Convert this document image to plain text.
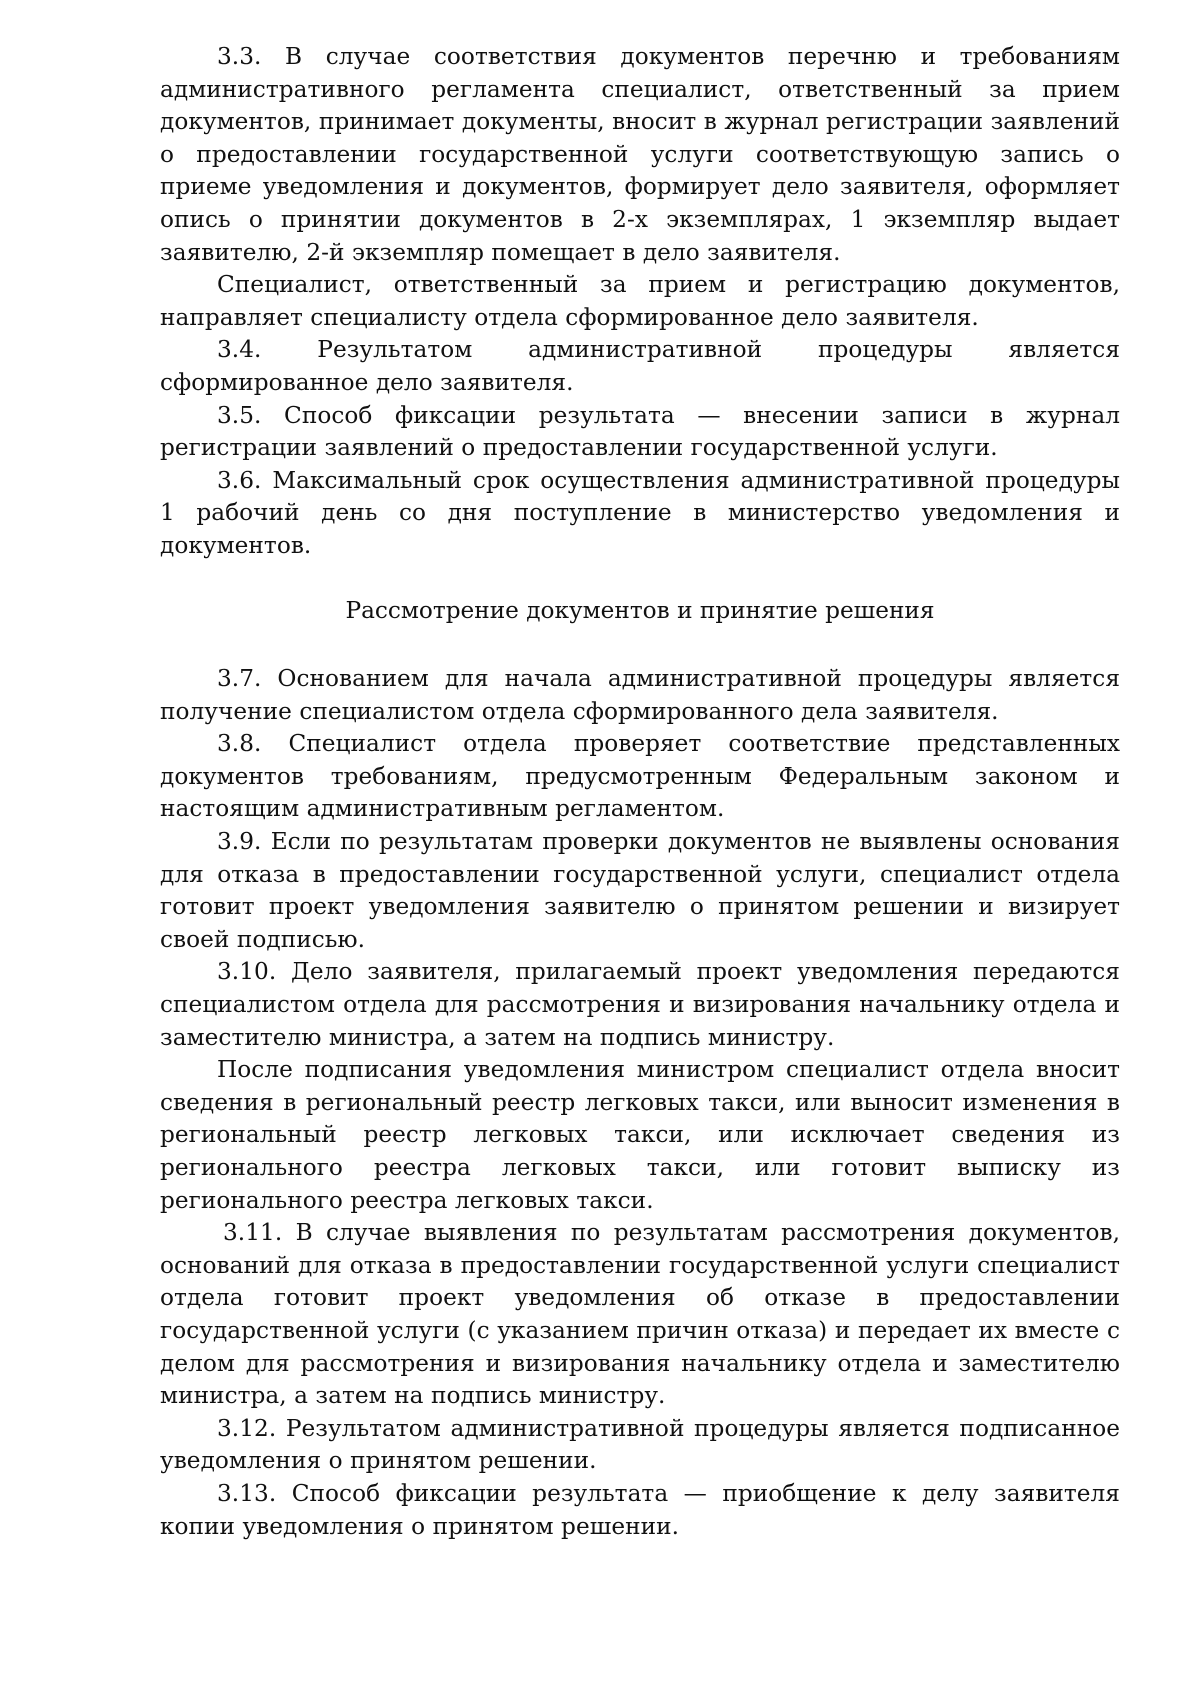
3.3. В случае соответствия документов перечню и требованиям административного регламента специалист, ответственный за прием документов, принимает документы, вносит в журнал регистрации заявлений о предоставлении государственной услуги соответствующую запись о приеме уведомления и документов, формирует дело заявителя, оформляет опись о принятии документов в 2-х экземплярах, 1 экземпляр выдает заявителю, 2-й экземпляр помещает в дело заявителя.

Специалист, ответственный за прием и регистрацию документов, направляет специалисту отдела сформированное дело заявителя.

3.4. Результатом административной процедуры является сформированное дело заявителя.

3.5. Способ фиксации результата — внесении записи в журнал регистрации заявлений о предоставлении государственной услуги.

3.6. Максимальный срок осуществления административной процедуры 1 рабочий день со дня поступление в министерство уведомления и документов.

Рассмотрение документов и принятие решения

3.7. Основанием для начала административной процедуры является получение специалистом отдела сформированного дела заявителя.

3.8. Специалист отдела проверяет соответствие представленных документов требованиям, предусмотренным Федеральным законом и настоящим административным регламентом.

3.9. Если по результатам проверки документов не выявлены основания для отказа в предоставлении государственной услуги, специалист отдела готовит проект уведомления заявителю о принятом решении и визирует своей подписью.

3.10. Дело заявителя, прилагаемый проект уведомления передаются специалистом отдела для рассмотрения и визирования начальнику отдела и заместителю министра, а затем на подпись министру.

После подписания уведомления министром специалист отдела вносит сведения в региональный реестр легковых такси, или выносит изменения в региональный реестр легковых такси, или исключает сведения из регионального реестра легковых такси, или готовит выписку из регионального реестра легковых такси.

3.11. В случае выявления по результатам рассмотрения документов, оснований для отказа в предоставлении государственной услуги специалист отдела готовит проект уведомления об отказе в предоставлении государственной услуги (с указанием причин отказа) и передает их вместе с делом для рассмотрения и визирования начальнику отдела и заместителю министра, а затем на подпись министру.

3.12. Результатом административной процедуры является подписанное уведомления о принятом решении.

3.13. Способ фиксации результата — приобщение к делу заявителя копии уведомления о принятом решении.
